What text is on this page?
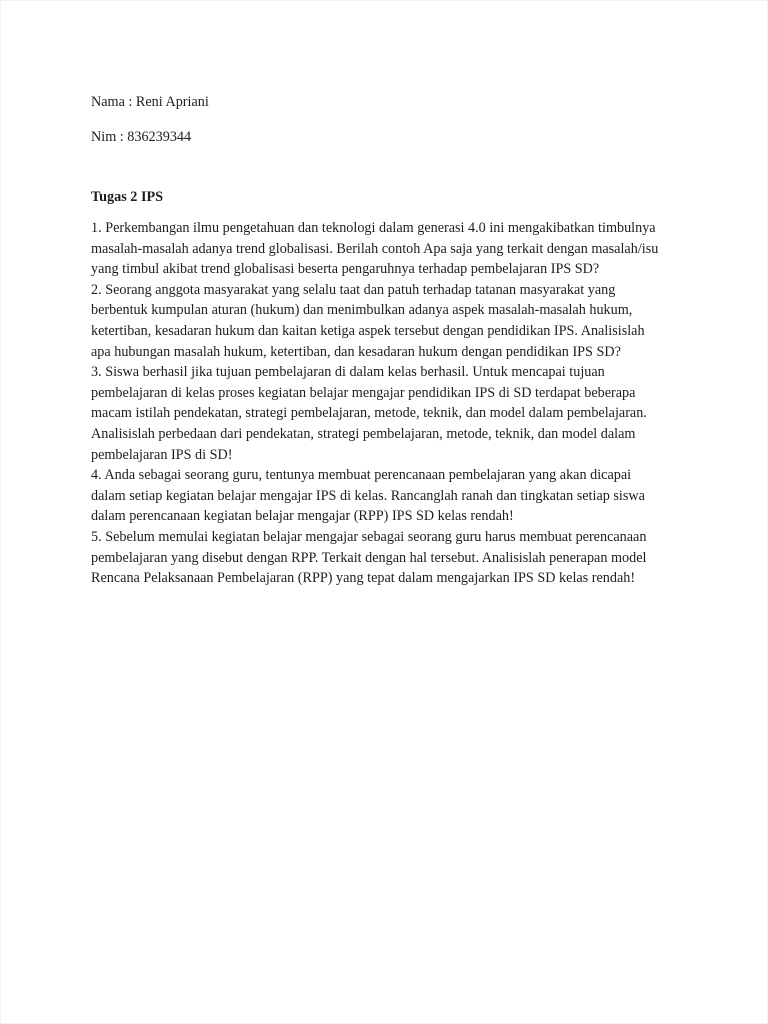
Nama : Reni Apriani

Nim : 836239344

Tugas 2 IPS

1. Perkembangan ilmu pengetahuan dan teknologi dalam generasi 4.0 ini mengakibatkan timbulnya masalah-masalah adanya trend globalisasi. Berilah contoh Apa saja yang terkait dengan masalah/isu yang timbul akibat trend globalisasi beserta pengaruhnya terhadap pembelajaran IPS SD?
2. Seorang anggota masyarakat yang selalu taat dan patuh terhadap tatanan masyarakat yang berbentuk kumpulan aturan (hukum) dan menimbulkan adanya aspek masalah-masalah hukum, ketertiban, kesadaran hukum dan kaitan ketiga aspek tersebut dengan pendidikan IPS. Analisislah apa hubungan masalah hukum, ketertiban, dan kesadaran hukum dengan pendidikan IPS SD?
3. Siswa berhasil jika tujuan pembelajaran di dalam kelas berhasil. Untuk mencapai tujuan pembelajaran di kelas proses kegiatan belajar mengajar pendidikan IPS di SD terdapat beberapa macam istilah pendekatan, strategi pembelajaran, metode, teknik, dan model dalam pembelajaran. Analisislah perbedaan dari pendekatan, strategi pembelajaran, metode, teknik, dan model dalam pembelajaran IPS di SD!
4. Anda sebagai seorang guru, tentunya membuat perencanaan pembelajaran yang akan dicapai dalam setiap kegiatan belajar mengajar IPS di kelas. Rancanglah ranah dan tingkatan setiap siswa dalam perencanaan kegiatan belajar mengajar (RPP) IPS SD kelas rendah!
5. Sebelum memulai kegiatan belajar mengajar sebagai seorang guru harus membuat perencanaan pembelajaran yang disebut dengan RPP. Terkait dengan hal tersebut. Analisislah penerapan model Rencana Pelaksanaan Pembelajaran (RPP) yang tepat dalam mengajarkan IPS SD kelas rendah!
